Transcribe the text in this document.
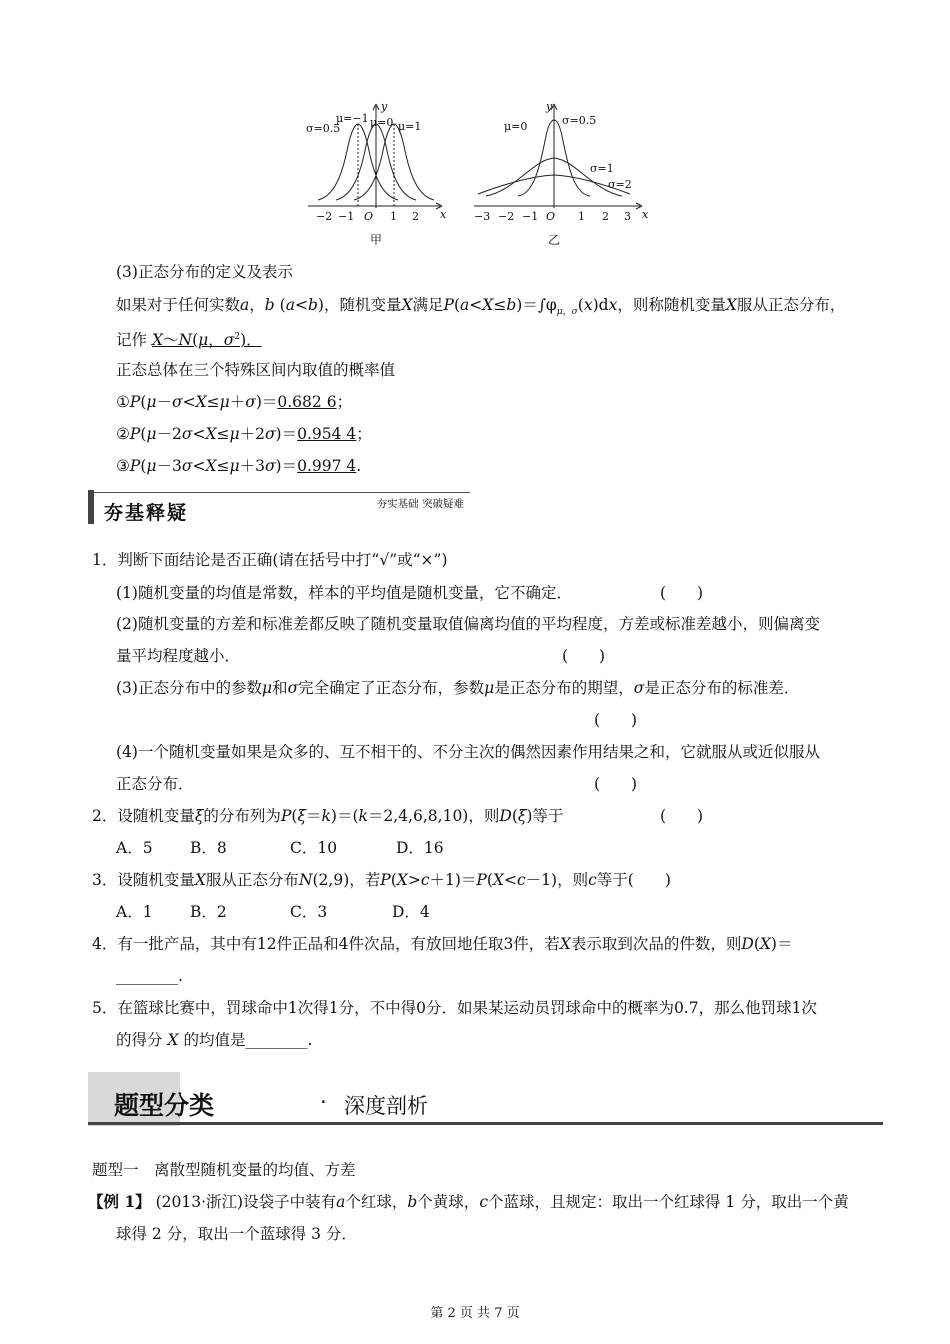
σ=0.5
μ=−1 μ=0 μ=1
y
x
−2 −1 O 1 2
甲
μ=0	σ=0.5
σ=1
σ=2
y
x
−3 −2 −1 O 1 2 3
乙
(3)正态分布的定义及表示
如果对于任何实数a，b (a<b)，随机变量X满足$P(a<X\le b)=\int\varphi_{\mu,\sigma}(x)dx$，则称随机变量X服从正态分布，
记作 X～N(μ，$\sigma^2$)．
正态总体在三个特殊区间内取值的概率值
①P(μ－σ<X≤μ＋σ)＝0.682 6；
②P(μ－2σ<X≤μ＋2σ)＝0.954 4；
③P(μ－3σ<X≤μ＋3σ)＝0.997 4.
夯基释疑	夯实基础 突破疑难
1．判断下面结论是否正确(请在括号中打“√”或“×”)
(1)随机变量的均值是常数，样本的平均值是随机变量，它不确定．	(　　)
(2)随机变量的方差和标准差都反映了随机变量取值偏离均值的平均程度，方差或标准差越小，则偏离变
量平均程度越小．	(　　)
(3)正态分布中的参数μ和σ完全确定了正态分布，参数μ是正态分布的期望，σ是正态分布的标准差．
(　　)
(4)一个随机变量如果是众多的、互不相干的、不分主次的偶然因素作用结果之和，它就服从或近似服从
正态分布．	(　　)
2．设随机变量ξ的分布列为P(ξ＝k)＝(k＝2,4,6,8,10)，则D(ξ)等于	(　　)
A．5 B．8	C．10	D．16
3．设随机变量X服从正态分布N(2,9)，若P(X>c＋1)＝P(X<c－1)，则c等于(　　)
A．1 B．2	C．3	D．4
4．有一批产品，其中有12件正品和4件次品，有放回地任取3件，若X表示取到次品的件数，则D(X)＝
________.
5．在篮球比赛中，罚球命中1次得1分，不中得0分．如果某运动员罚球命中的概率为0.7，那么他罚球1次
的得分 X 的均值是________.
题型分类	· 深度剖析
题型一　离散型随机变量的均值、方差
【例 1】 (2013·浙江)设袋子中装有a个红球，b个黄球，c个蓝球，且规定：取出一个红球得 1 分，取出一个黄
球得 2 分，取出一个蓝球得 3 分．
第 2 页 共 7 页
